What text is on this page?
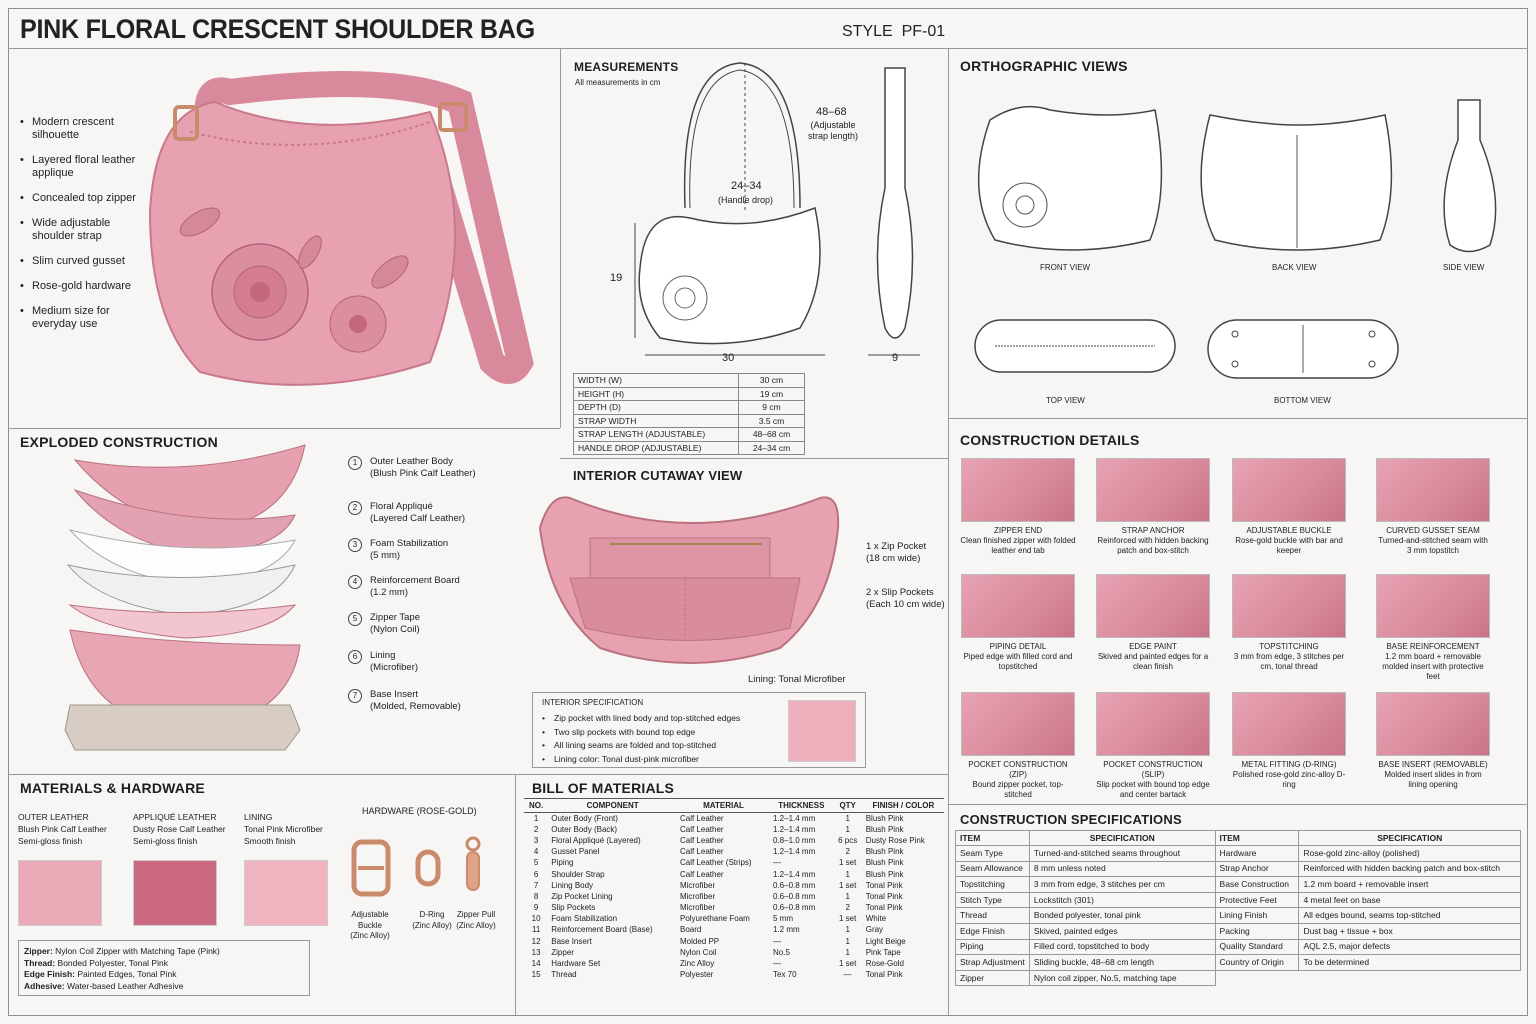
PINK FLORAL CRESCENT SHOULDER BAG	STYLE  PF-01
• Modern crescent silhouette
• Layered floral leather applique
• Concealed top zipper
• Wide adjustable shoulder strap
• Slim curved gusset
• Rose-gold hardware
• Medium size for everyday use
MEASUREMENTS
All measurements in cm
48–68
(Adjustable strap length)
24–34
(Handle drop)
19
30	9
WIDTH (W)	30 cm
HEIGHT (H)	19 cm
DEPTH (D)	9 cm
STRAP WIDTH	3.5 cm
STRAP LENGTH (ADJUSTABLE)	48–68 cm
HANDLE DROP (ADJUSTABLE)	24–34 cm
ORTHOGRAPHIC VIEWS
FRONT VIEW	BACK VIEW	SIDE VIEW
TOP VIEW	BOTTOM VIEW
EXPLODED CONSTRUCTION
1	Outer Leather Body
(Blush Pink Calf Leather)
2	Floral Appliqué
(Layered Calf Leather)
3	Foam Stabilization
(5 mm)
4	Reinforcement Board
(1.2 mm)
5	Zipper Tape
(Nylon Coil)
6	Lining
(Microfiber)
7	Base Insert
(Molded, Removable)
INTERIOR CUTAWAY VIEW
1 x Zip Pocket
(18 cm wide)
2 x Slip Pockets
(Each 10 cm wide)
Lining: Tonal Microfiber
INTERIOR SPECIFICATION
• Zip pocket with lined body and top-stitched edges
• Two slip pockets with bound top edge
• All lining seams are folded and top-stitched
• Lining color: Tonal dust-pink microfiber
CONSTRUCTION DETAILS
ZIPPER END
Clean finished zipper with folded leather end tab
STRAP ANCHOR
Reinforced with hidden backing patch and box-stitch
ADJUSTABLE BUCKLE
Rose-gold buckle with bar and keeper
CURVED GUSSET SEAM
Turned-and-stitched seam with 3 mm topstitch
PIPING DETAIL
Piped edge with filled cord and topstitched
EDGE PAINT
Skived and painted edges for a clean finish
TOPSTITCHING
3 mm from edge, 3 stitches per cm, tonal thread
BASE REINFORCEMENT
1.2 mm board + removable molded insert with protective feet
POCKET CONSTRUCTION (ZIP)
Bound zipper pocket, top-stitched
POCKET CONSTRUCTION (SLIP)
Slip pocket with bound top edge and center bartack
METAL FITTING (D-RING)
Polished rose-gold zinc-alloy D-ring
BASE INSERT (REMOVABLE)
Molded insert slides in from lining opening
MATERIALS & HARDWARE
OUTER LEATHER
Blush Pink Calf Leather
Semi-gloss finish
APPLIQUÉ LEATHER
Dusty Rose Calf Leather
Semi-gloss finish
LINING
Tonal Pink Microfiber
Smooth finish
HARDWARE (ROSE-GOLD)
Adjustable
Buckle
(Zinc Alloy)
D-Ring
(Zinc Alloy)
Zipper Pull
(Zinc Alloy)
Zipper: Nylon Coil Zipper with Matching Tape (Pink)
Thread: Bonded Polyester, Tonal Pink
Edge Finish: Painted Edges, Tonal Pink
Adhesive: Water-based Leather Adhesive
BILL OF MATERIALS
NO.	COMPONENT	MATERIAL	THICKNESS	QTY	FINISH / COLOR
1	Outer Body (Front)	Calf Leather	1.2–1.4 mm	1	Blush Pink
2	Outer Body (Back)	Calf Leather	1.2–1.4 mm	1	Blush Pink
3	Floral Appliqué (Layered)	Calf Leather	0.8–1.0 mm	6 pcs	Dusty Rose Pink
4	Gusset Panel	Calf Leather	1.2–1.4 mm	2	Blush Pink
5	Piping	Calf Leather (Strips)	—	1 set	Blush Pink
6	Shoulder Strap	Calf Leather	1.2–1.4 mm	1	Blush Pink
7	Lining Body	Microfiber	0.6–0.8 mm	1 set	Tonal Pink
8	Zip Pocket Lining	Microfiber	0.6–0.8 mm	1	Tonal Pink
9	Slip Pockets	Microfiber	0.6–0.8 mm	2	Tonal Pink
10	Foam Stabilization	Polyurethane Foam	5 mm	1 set	White
11	Reinforcement Board (Base)	Board	1.2 mm	1	Gray
12	Base Insert	Molded PP	—	1	Light Beige
13	Zipper	Nylon Coil	No.5	1	Pink Tape
14	Hardware Set	Zinc Alloy	—	1 set	Rose-Gold
15	Thread	Polyester	Tex 70	—	Tonal Pink
CONSTRUCTION SPECIFICATIONS
ITEM	SPECIFICATION	ITEM	SPECIFICATION
Seam Type	Turned-and-stitched seams throughout	Hardware	Rose-gold zinc-alloy (polished)
Seam Allowance	8 mm unless noted	Strap Anchor	Reinforced with hidden backing patch and box-stitch
Topstitching	3 mm from edge, 3 stitches per cm	Base Construction	1.2 mm board + removable insert
Stitch Type	Lockstitch (301)	Protective Feet	4 metal feet on base
Thread	Bonded polyester, tonal pink	Lining Finish	All edges bound, seams top-stitched
Edge Finish	Skived, painted edges	Packing	Dust bag + tissue + box
Piping	Filled cord, topstitched to body	Quality Standard	AQL 2.5, major defects
Strap Adjustment	Sliding buckle, 48–68 cm length	Country of Origin	To be determined
Zipper	Nylon coil zipper, No.5, matching tape		
